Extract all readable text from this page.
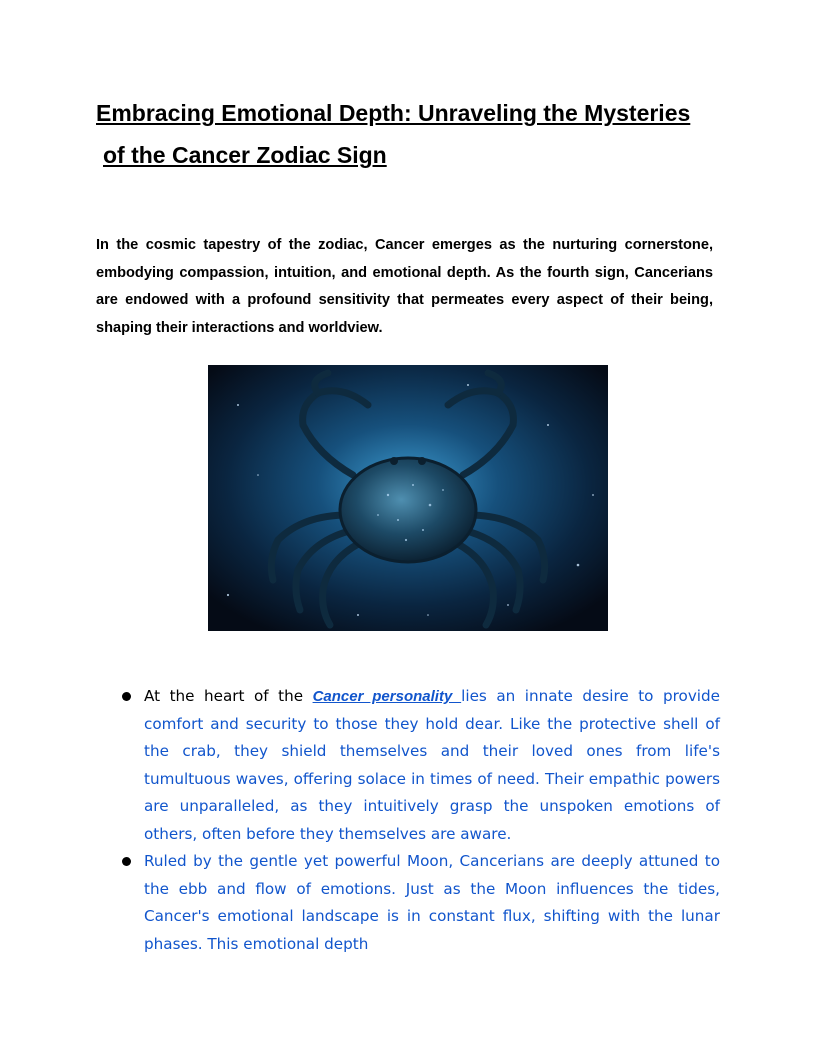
Embracing Emotional Depth: Unraveling the Mysteries
of the Cancer Zodiac Sign

In the cosmic tapestry of the zodiac, Cancer emerges as the nurturing cornerstone, embodying compassion, intuition, and emotional depth. As the fourth sign, Cancerians are endowed with a profound sensitivity that permeates every aspect of their being, shaping their interactions and worldview.

At the heart of the Cancer personality lies an innate desire to provide comfort and security to those they hold dear. Like the protective shell of the crab, they shield themselves and their loved ones from life's tumultuous waves, offering solace in times of need. Their empathic powers are unparalleled, as they intuitively grasp the unspoken emotions of others, often before they themselves are aware.
Ruled by the gentle yet powerful Moon, Cancerians are deeply attuned to the ebb and flow of emotions. Just as the Moon influences the tides, Cancer's emotional landscape is in constant flux, shifting with the lunar phases. This emotional depth
